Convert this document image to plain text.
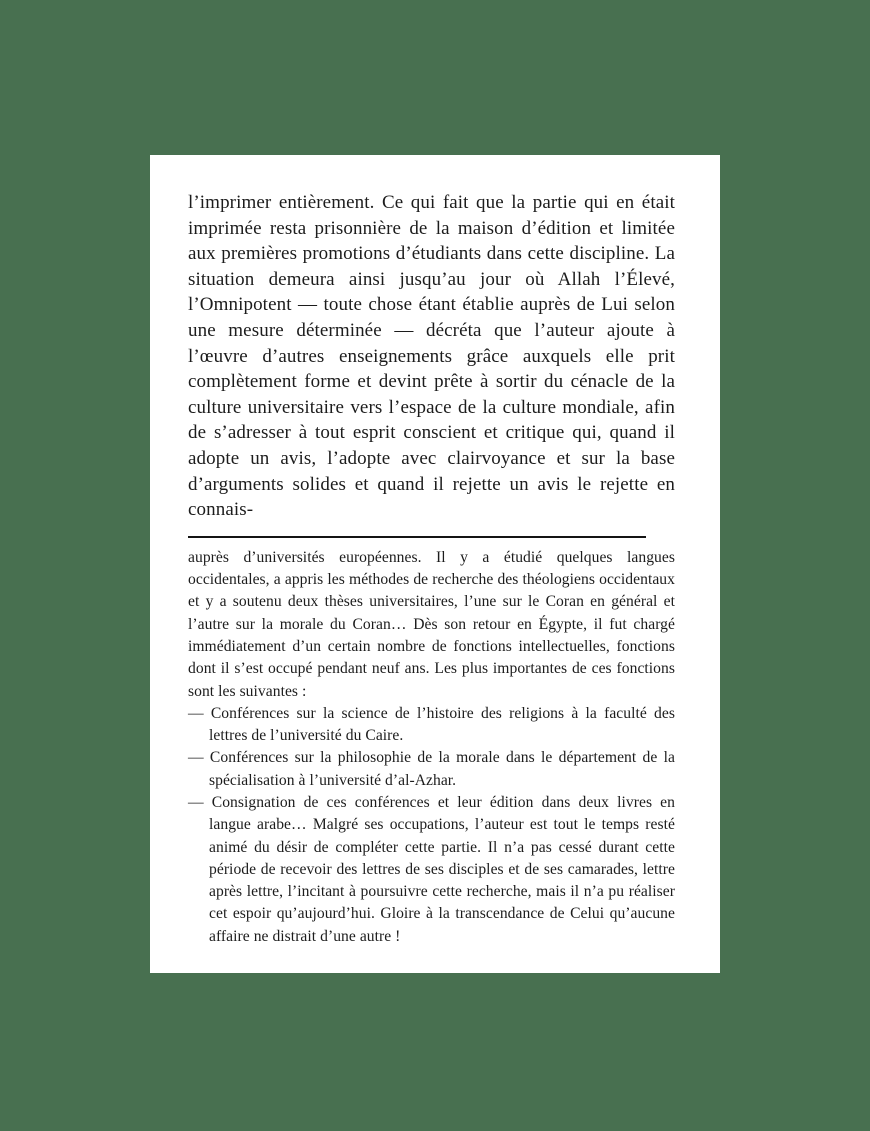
l’imprimer entièrement. Ce qui fait que la partie qui en était imprimée resta prisonnière de la maison d’édition et limitée aux premières promotions d’étudiants dans cette discipline. La situation demeura ainsi jusqu’au jour où Allah l’Élevé, l’Omnipotent — toute chose étant établie auprès de Lui selon une mesure déterminée — décréta que l’auteur ajoute à l’œuvre d’autres enseignements grâce auxquels elle prit complètement forme et devint prête à sortir du cénacle de la culture universitaire vers l’espace de la culture mondiale, afin de s’adresser à tout esprit conscient et critique qui, quand il adopte un avis, l’adopte avec clairvoyance et sur la base d’arguments solides et quand il rejette un avis le rejette en connais-

auprès d’universités européennes. Il y a étudié quelques langues occidentales, a appris les méthodes de recherche des théologiens occidentaux et y a soutenu deux thèses universitaires, l’une sur le Coran en général et l’autre sur la morale du Coran… Dès son retour en Égypte, il fut chargé immédiatement d’un certain nombre de fonctions intellectuelles, fonctions dont il s’est occupé pendant neuf ans. Les plus importantes de ces fonctions sont les suivantes :

— Conférences sur la science de l’histoire des religions à la faculté des lettres de l’université du Caire.

— Conférences sur la philosophie de la morale dans le département de la spécialisation à l’université d’al-Azhar.

— Consignation de ces conférences et leur édition dans deux livres en langue arabe… Malgré ses occupations, l’auteur est tout le temps resté animé du désir de compléter cette partie. Il n’a pas cessé durant cette période de recevoir des lettres de ses disciples et de ses camarades, lettre après lettre, l’incitant à poursuivre cette recherche, mais il n’a pu réaliser cet espoir qu’aujourd’hui. Gloire à la transcendance de Celui qu’aucune affaire ne distrait d’une autre !
